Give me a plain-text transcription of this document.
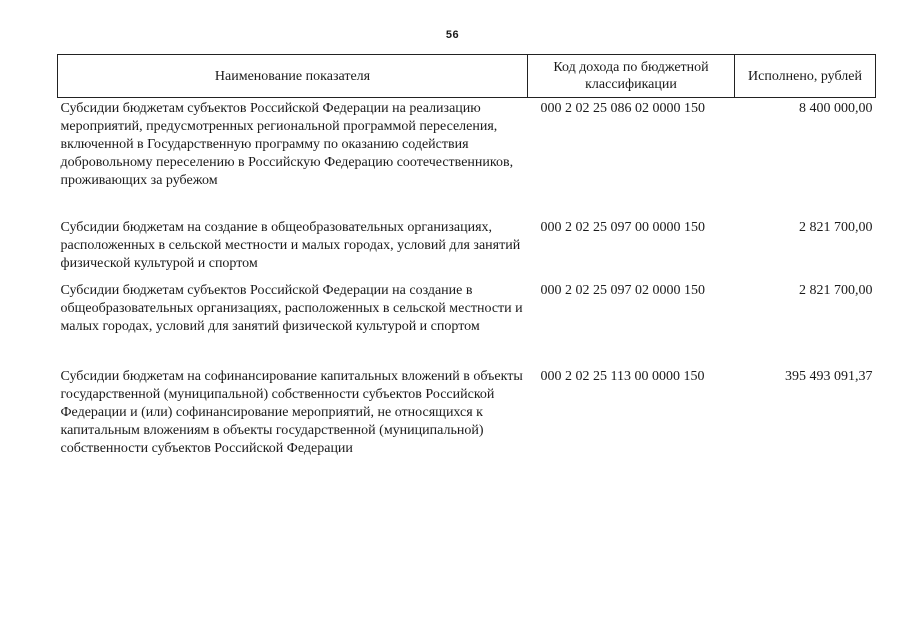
56
Наименование показателя	Код дохода по бюджетной классификации	Исполнено, рублей
Субсидии бюджетам субъектов Российской Федерации на реализацию мероприятий, предусмотренных региональной программой переселения, включенной в Государственную программу по оказанию содействия добровольному переселению в Российскую Федерацию соотечественников, проживающих за рубежом	000 2 02 25 086 02 0000 150	8 400 000,00
Субсидии бюджетам на создание в общеобразовательных организациях, расположенных в сельской местности и малых городах, условий для занятий физической культурой и спортом	000 2 02 25 097 00 0000 150	2 821 700,00
Субсидии бюджетам субъектов Российской Федерации на создание в общеобразовательных организациях, расположенных в сельской местности и малых городах, условий для занятий физической культурой и спортом	000 2 02 25 097 02 0000 150	2 821 700,00
Субсидии бюджетам на софинансирование капитальных вложений в объекты государственной (муниципальной) собственности субъектов Российской Федерации и (или) софинансирование мероприятий, не относящихся к капитальным вложениям в объекты государственной (муниципальной) собственности субъектов Российской Федерации	000 2 02 25 113 00 0000 150	395 493 091,37
